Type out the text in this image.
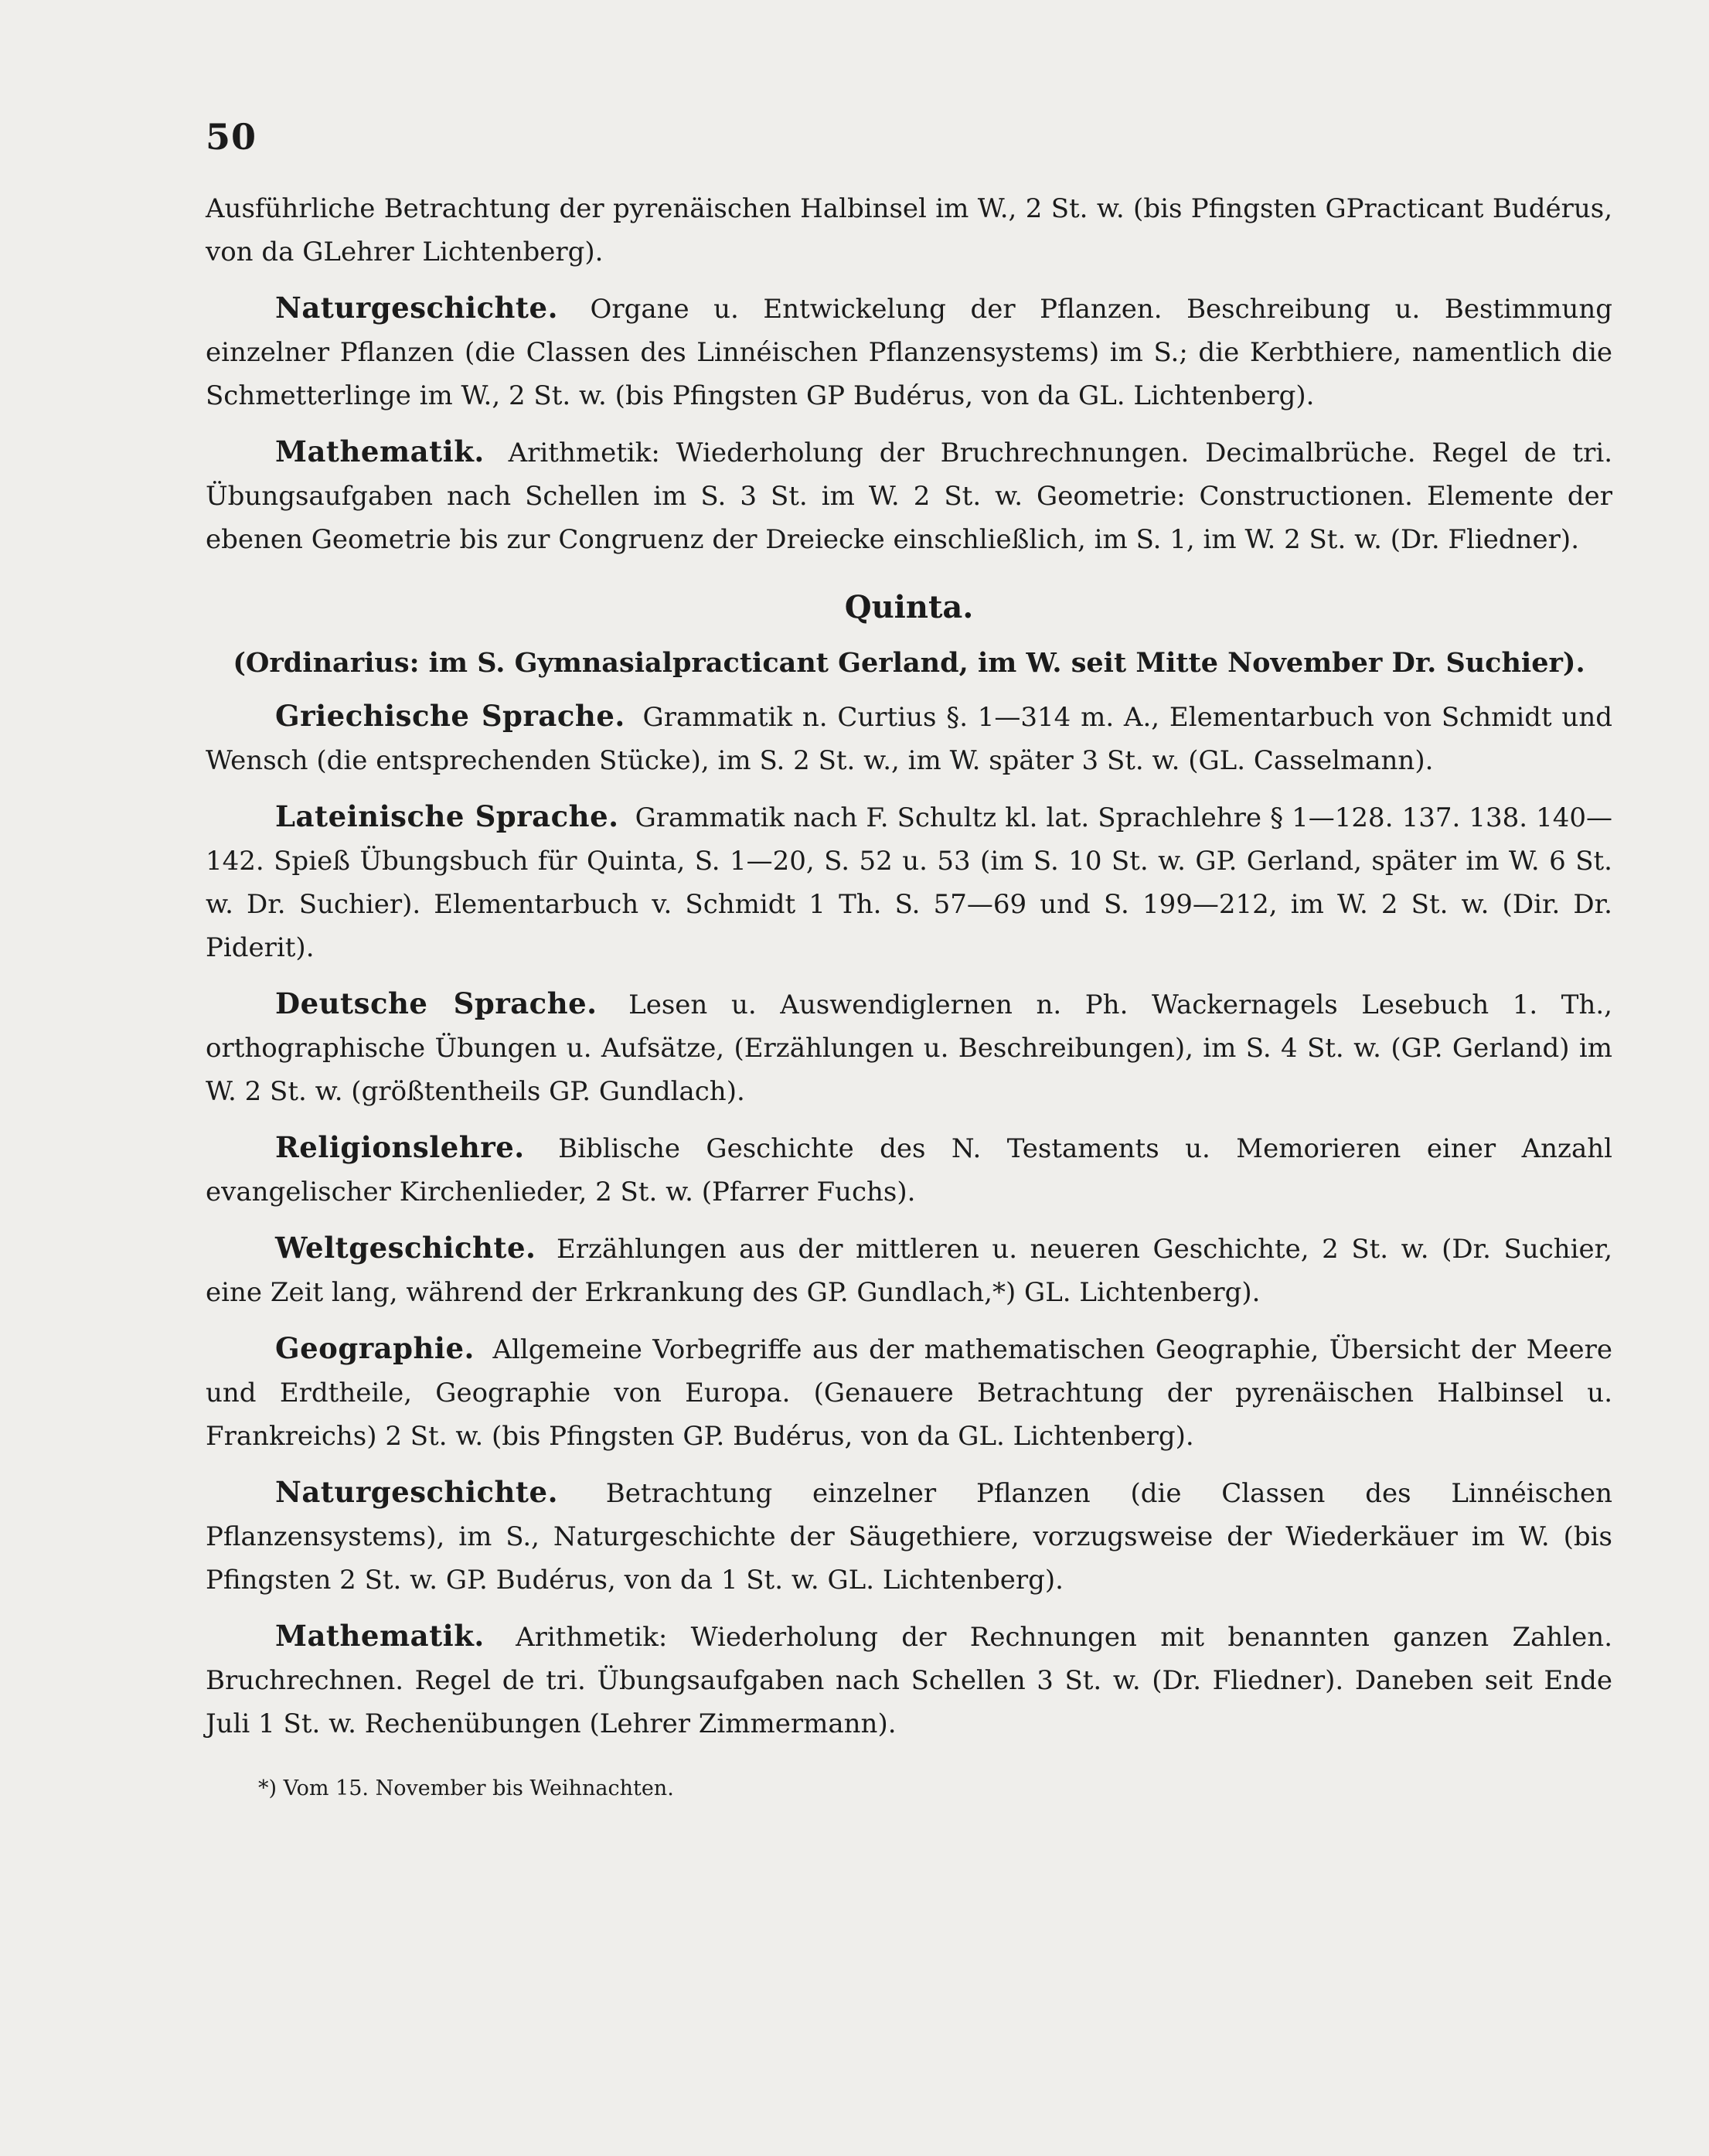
50

Ausführliche Betrachtung der pyrenäischen Halbinsel im W., 2 St. w. (bis Pfingsten GPracticant Budérus, von da GLehrer Lichtenberg).

Naturgeschichte. Organe u. Entwickelung der Pflanzen. Beschreibung u. Bestimmung einzelner Pflanzen (die Classen des Linnéischen Pflanzensystems) im S.; die Kerbthiere, namentlich die Schmetterlinge im W., 2 St. w. (bis Pfingsten GP Budérus, von da GL. Lichtenberg).

Mathematik. Arithmetik: Wiederholung der Bruchrechnungen. Decimalbrüche. Regel de tri. Übungsaufgaben nach Schellen im S. 3 St. im W. 2 St. w. Geometrie: Constructionen. Elemente der ebenen Geometrie bis zur Congruenz der Dreiecke einschließlich, im S. 1, im W. 2 St. w. (Dr. Fliedner).

Quinta.
(Ordinarius: im S. Gymnasialpracticant Gerland, im W. seit Mitte November Dr. Suchier).

Griechische Sprache. Grammatik n. Curtius §. 1—314 m. A., Elementarbuch von Schmidt und Wensch (die entsprechenden Stücke), im S. 2 St. w., im W. später 3 St. w. (GL. Casselmann).

Lateinische Sprache. Grammatik nach F. Schultz kl. lat. Sprachlehre § 1—128. 137. 138. 140—142. Spieß Übungsbuch für Quinta, S. 1—20, S. 52 u. 53 (im S. 10 St. w. GP. Gerland, später im W. 6 St. w. Dr. Suchier). Elementarbuch v. Schmidt 1 Th. S. 57—69 und S. 199—212, im W. 2 St. w. (Dir. Dr. Piderit).

Deutsche Sprache. Lesen u. Auswendiglernen n. Ph. Wackernagels Lesebuch 1. Th., orthographische Übungen u. Aufsätze, (Erzählungen u. Beschreibungen), im S. 4 St. w. (GP. Gerland) im W. 2 St. w. (größtentheils GP. Gundlach).

Religionslehre. Biblische Geschichte des N. Testaments u. Memorieren einer Anzahl evangelischer Kirchenlieder, 2 St. w. (Pfarrer Fuchs).

Weltgeschichte. Erzählungen aus der mittleren u. neueren Geschichte, 2 St. w. (Dr. Suchier, eine Zeit lang, während der Erkrankung des GP. Gundlach,*) GL. Lichtenberg).

Geographie. Allgemeine Vorbegriffe aus der mathematischen Geographie, Übersicht der Meere und Erdtheile, Geographie von Europa. (Genauere Betrachtung der pyrenäischen Halbinsel u. Frankreichs) 2 St. w. (bis Pfingsten GP. Budérus, von da GL. Lichtenberg).

Naturgeschichte. Betrachtung einzelner Pflanzen (die Classen des Linnéischen Pflanzensystems), im S., Naturgeschichte der Säugethiere, vorzugsweise der Wiederkäuer im W. (bis Pfingsten 2 St. w. GP. Budérus, von da 1 St. w. GL. Lichtenberg).

Mathematik. Arithmetik: Wiederholung der Rechnungen mit benannten ganzen Zahlen. Bruchrechnen. Regel de tri. Übungsaufgaben nach Schellen 3 St. w. (Dr. Fliedner). Daneben seit Ende Juli 1 St. w. Rechenübungen (Lehrer Zimmermann).

*) Vom 15. November bis Weihnachten.
